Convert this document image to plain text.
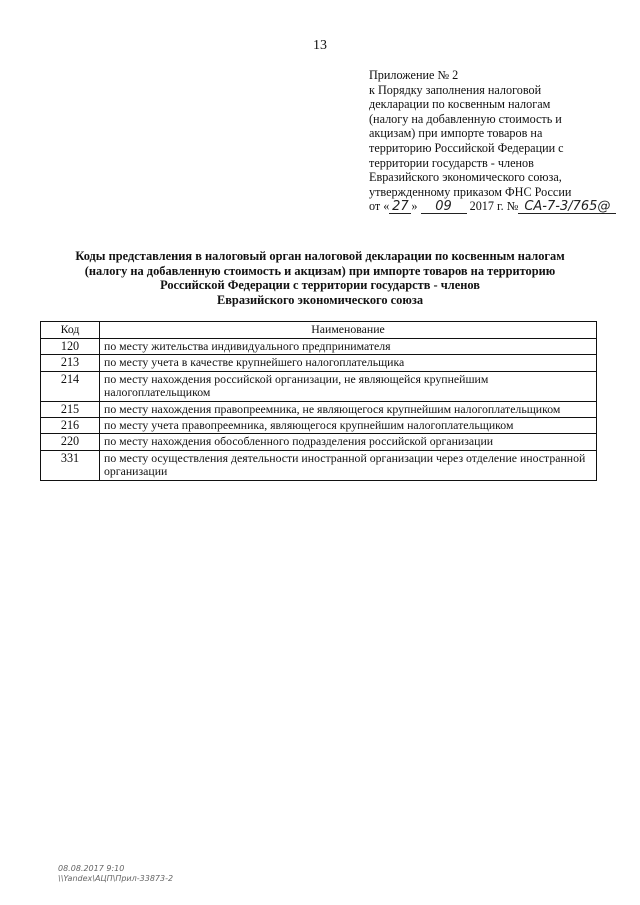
13
Приложение № 2
к Порядку заполнения налоговой
декларации по косвенным налогам
(налогу на добавленную стоимость и
акцизам) при импорте товаров на
территорию Российской Федерации с
территории государств - членов
Евразийского экономического союза,
утвержденному приказом ФНС России
от « 27 » 09 2017 г. № СА-7-3/765@
Коды представления в налоговый орган налоговой декларации по косвенным налогам
(налогу на добавленную стоимость и акцизам) при импорте товаров на территорию
Российской Федерации с территории государств - членов
Евразийского экономического союза
Код	Наименование
120	по месту жительства индивидуального предпринимателя
213	по месту учета в качестве крупнейшего налогоплательщика
214	по месту нахождения российской организации, не являющейся крупнейшим налогоплательщиком
215	по месту нахождения правопреемника, не являющегося крупнейшим налогоплательщиком
216	по месту учета правопреемника, являющегося крупнейшим налогоплательщиком
220	по месту нахождения обособленного подразделения российской организации
331	по месту осуществления деятельности иностранной организации через отделение иностранной организации
08.08.2017 9:10
\\Yandex\АЦП\Прил-33873-2
